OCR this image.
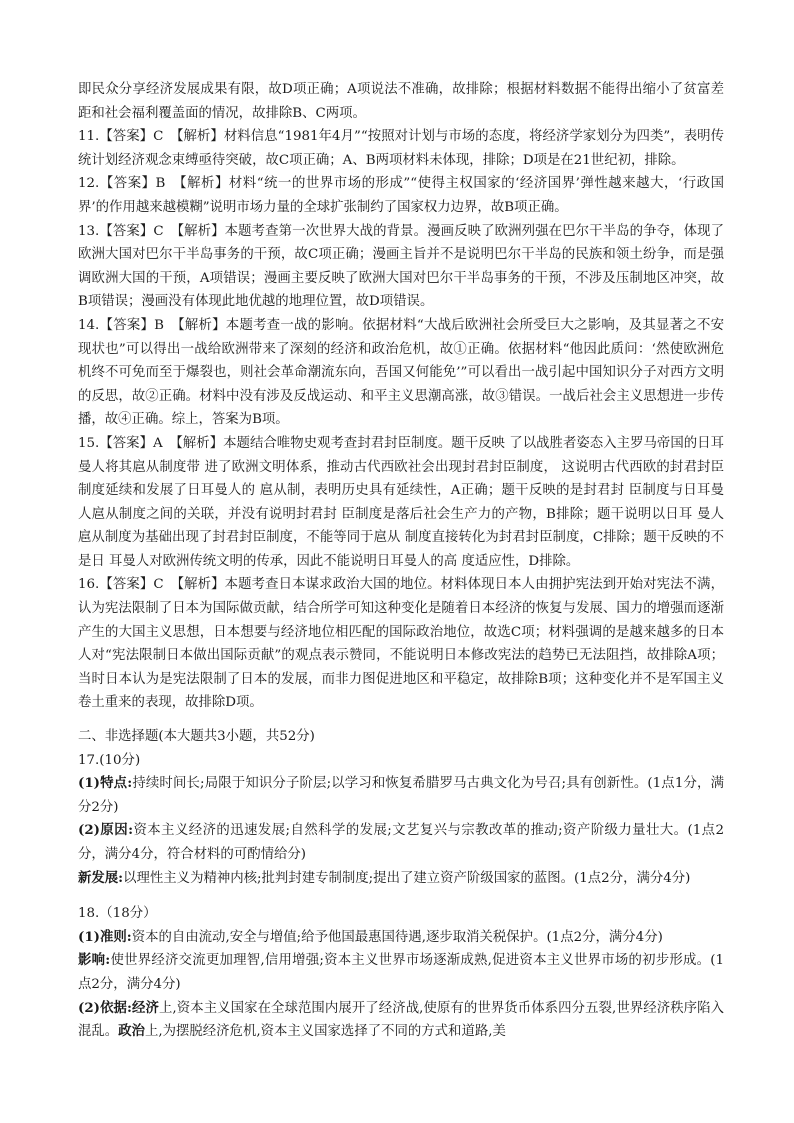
即民众分享经济发展成果有限，故D项正确；A项说法不准确，故排除；根据材料数据不能得出缩小了贫富差距和社会福利覆盖面的情况，故排除B、C两项。

11.【答案】C　【解析】材料信息“1981年4月”“按照对计划与市场的态度，将经济学家划分为四类”，表明传统计划经济观念束缚亟待突破，故C项正确；A、B两项材料未体现，排除；D项是在21世纪初，排除。

12.【答案】B　【解析】材料“统一的世界市场的形成”“使得主权国家的‘经济国界’弹性越来越大，‘行政国界’的作用越来越模糊”说明市场力量的全球扩张制约了国家权力边界，故B项正确。

13.【答案】C　【解析】本题考查第一次世界大战的背景。漫画反映了欧洲列强在巴尔干半岛的争夺，体现了欧洲大国对巴尔干半岛事务的干预，故C项正确；漫画主旨并不是说明巴尔干半岛的民族和领土纷争，而是强调欧洲大国的干预，A项错误；漫画主要反映了欧洲大国对巴尔干半岛事务的干预，不涉及压制地区冲突，故B项错误；漫画没有体现此地优越的地理位置，故D项错误。

14.【答案】B　【解析】本题考查一战的影响。依据材料“大战后欧洲社会所受巨大之影响，及其显著之不安现状也”可以得出一战给欧洲带来了深刻的经济和政治危机，故①正确。依据材料“他因此质问：‘然使欧洲危机终不可免而至于爆裂也，则社会革命潮流东向，吾国又何能免’”可以看出一战引起中国知识分子对西方文明的反思，故②正确。材料中没有涉及反战运动、和平主义思潮高涨，故③错误。一战后社会主义思想进一步传播，故④正确。综上，答案为B项。

15.【答案】A　【解析】本题结合唯物史观考查封君封臣制度。题干反映 了以战胜者姿态入主罗马帝国的日耳曼人将其扈从制度带 进了欧洲文明体系，推动古代西欧社会出现封君封臣制度， 这说明古代西欧的封君封臣制度延续和发展了日耳曼人的 扈从制，表明历史具有延续性，A正确；题干反映的是封君封 臣制度与日耳曼人扈从制度之间的关联，并没有说明封君封 臣制度是落后社会生产力的产物，B排除；题干说明以日耳 曼人扈从制度为基础出现了封君封臣制度，不能等同于扈从 制度直接转化为封君封臣制度，C排除；题干反映的不是日 耳曼人对欧洲传统文明的传承，因此不能说明日耳曼人的高 度适应性，D排除。

16.【答案】C　【解析】本题考查日本谋求政治大国的地位。材料体现日本人由拥护宪法到开始对宪法不满，认为宪法限制了日本为国际做贡献，结合所学可知这种变化是随着日本经济的恢复与发展、国力的增强而逐渐产生的大国主义思想，日本想要与经济地位相匹配的国际政治地位，故选C项；材料强调的是越来越多的日本人对“宪法限制日本做出国际贡献”的观点表示赞同，不能说明日本修改宪法的趋势已无法阻挡，故排除A项；当时日本认为是宪法限制了日本的发展，而非力图促进地区和平稳定，故排除B项；这种变化并不是军国主义卷土重来的表现，故排除D项。

二、非选择题(本大题共3小题，共52分)

17.(10分)

(1)特点:持续时间长;局限于知识分子阶层;以学习和恢复希腊罗马古典文化为号召;具有创新性。(1点1分，满分2分)

(2)原因:资本主义经济的迅速发展;自然科学的发展;文艺复兴与宗教改革的推动;资产阶级力量壮大。(1点2分，满分4分，符合材料的可酌情给分)

新发展:以理性主义为精神内核;批判封建专制制度;提出了建立资产阶级国家的蓝图。(1点2分，满分4分)

18.（18分）

(1)准则:资本的自由流动,安全与增值;给予他国最惠国待遇,逐步取消关税保护。(1点2分，满分4分)

影响:使世界经济交流更加理智,信用增强;资本主义世界市场逐渐成熟,促进资本主义世界市场的初步形成。(1点2分，满分4分)

(2)依据:经济上,资本主义国家在全球范围内展开了经济战,使原有的世界货币体系四分五裂,世界经济秩序陷入混乱。政治上,为摆脱经济危机,资本主义国家选择了不同的方式和道路,美
